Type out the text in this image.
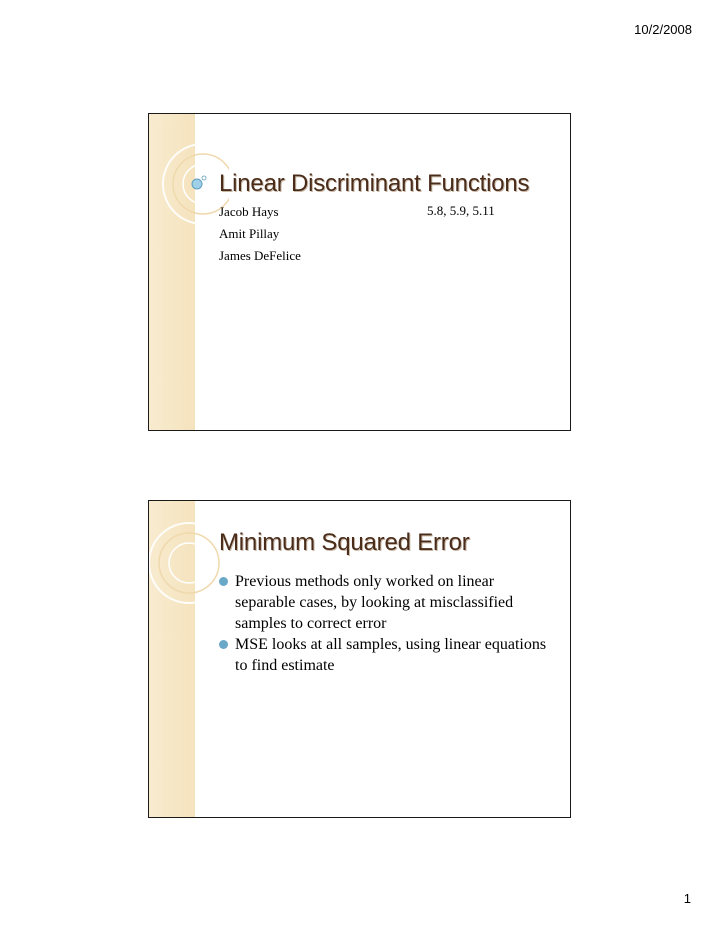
10/2/2008
Linear Discriminant Functions
Jacob Hays
Amit Pillay
James DeFelice
5.8, 5.9, 5.11
Minimum Squared Error
Previous methods only worked on linear separable cases, by looking at misclassified samples to correct error
MSE looks at all samples, using linear equations to find estimate
1
